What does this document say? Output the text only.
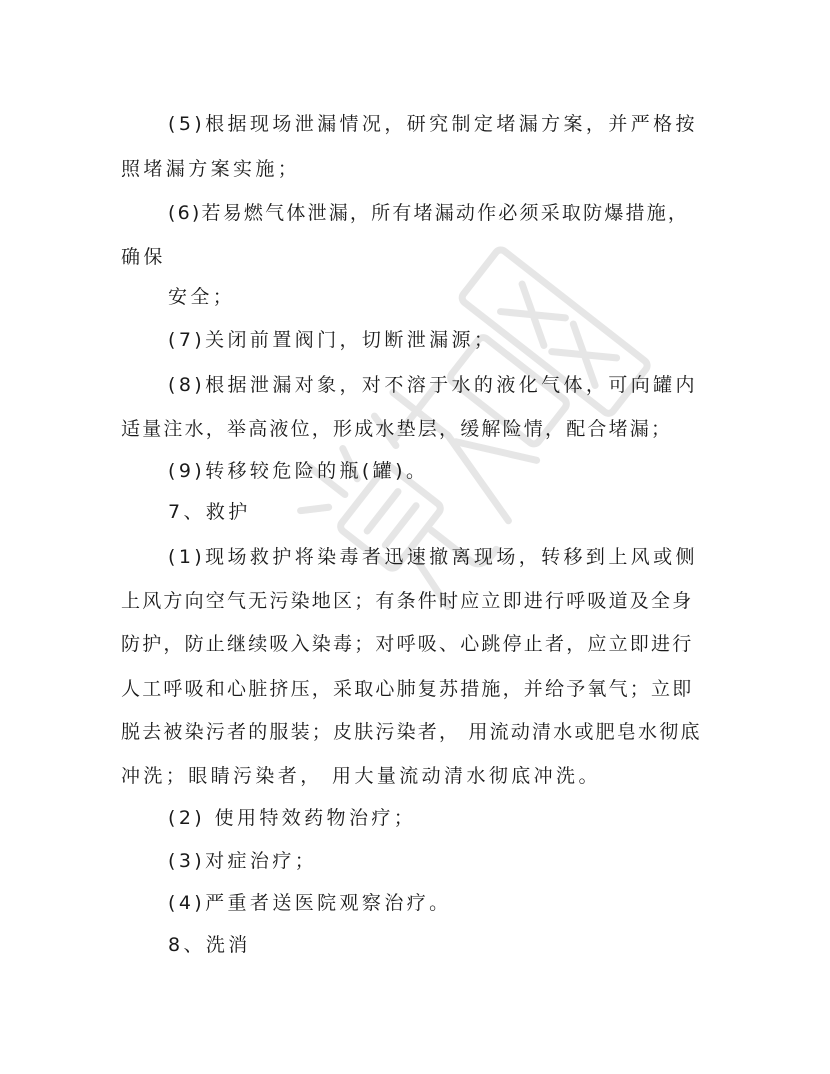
(5)根据现场泄漏情况，研究制定堵漏方案，并严格按
照堵漏方案实施；
(6)若易燃气体泄漏，所有堵漏动作必须采取防爆措施，
确保
安全；
(7)关闭前置阀门，切断泄漏源；
(8)根据泄漏对象，对不溶于水的液化气体，可向罐内
适量注水，举高液位，形成水垫层，缓解险情，配合堵漏；
(9)转移较危险的瓶(罐)。
7、救护
(1)现场救护将染毒者迅速撤离现场，转移到上风或侧
上风方向空气无污染地区；有条件时应立即进行呼吸道及全身
防护，防止继续吸入染毒；对呼吸、心跳停止者，应立即进行
人工呼吸和心脏挤压，采取心肺复苏措施，并给予氧气；立即
脱去被染污者的服装；皮肤污染者， 用流动清水或肥皂水彻底
冲洗；眼睛污染者， 用大量流动清水彻底冲洗。
(2) 使用特效药物治疗；
(3)对症治疗；
(4)严重者送医院观察治疗。
8、洗消
